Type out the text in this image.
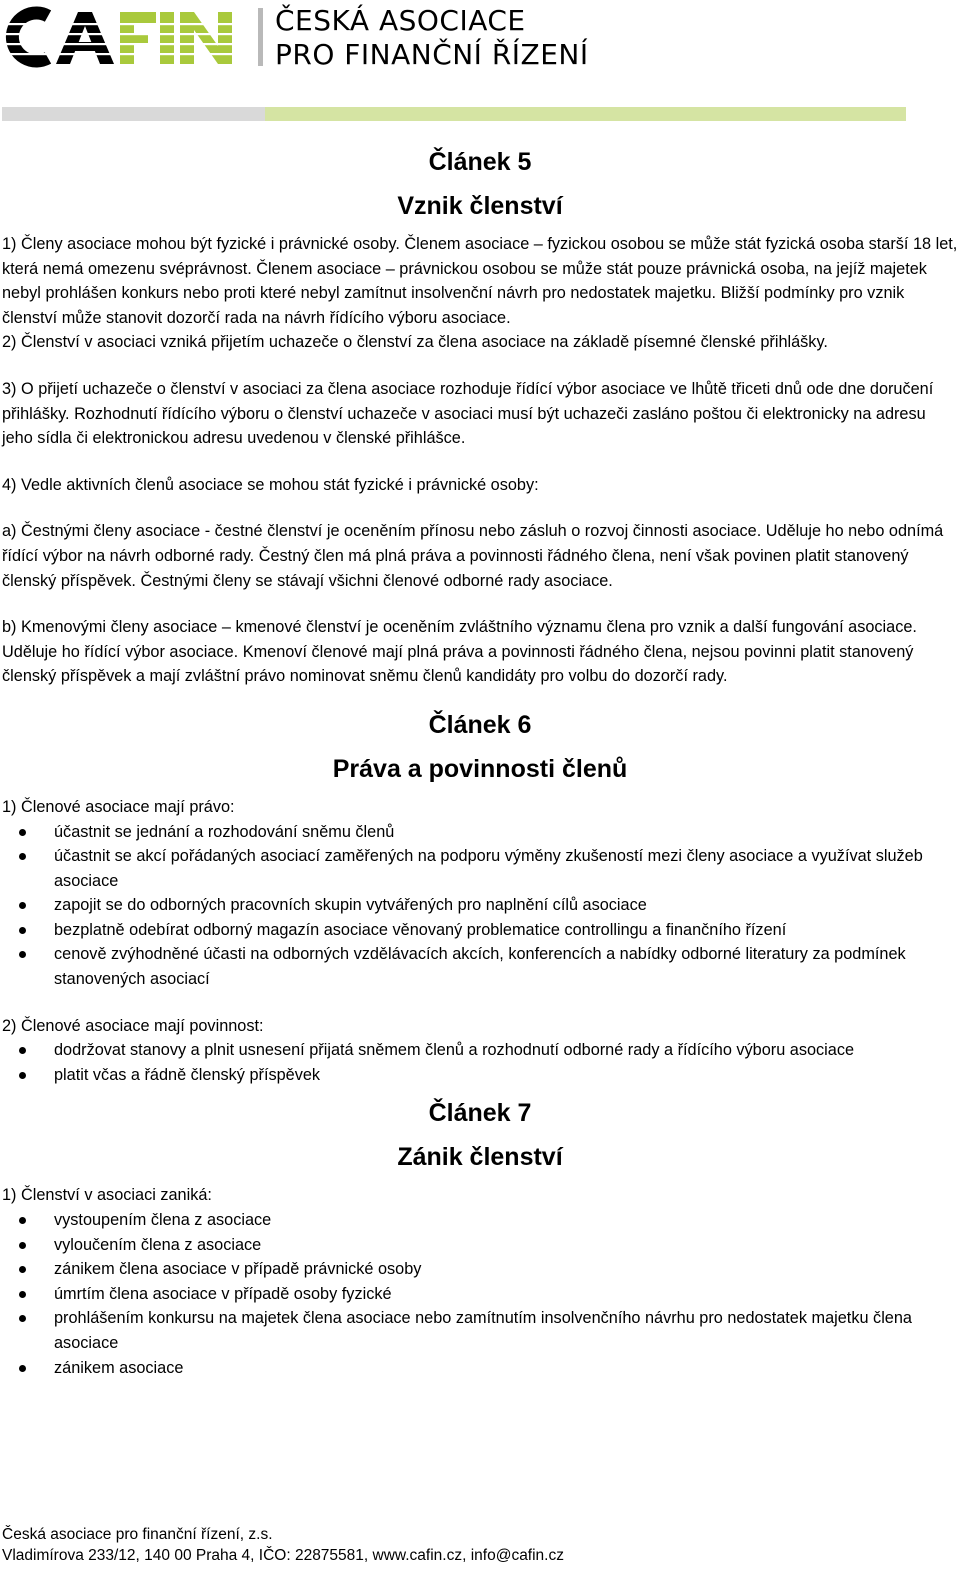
ČESKÁ ASOCIACE
PRO FINANČNÍ ŘÍZENÍ
Článek 5
Vznik členství

1) Členy asociace mohou být fyzické i právnické osoby. Členem asociace – fyzickou osobou se může stát fyzická osoba starší 18 let, která nemá omezenu svéprávnost. Členem asociace – právnickou osobou se může stát pouze právnická osoba, na jejíž majetek nebyl prohlášen konkurs nebo proti které nebyl zamítnut insolvenční návrh pro nedostatek majetku. Bližší podmínky pro vznik členství může stanovit dozorčí rada na návrh řídícího výboru asociace.

2) Členství v asociaci vzniká přijetím uchazeče o členství za člena asociace na základě písemné členské přihlášky.

3) O přijetí uchazeče o členství v asociaci za člena asociace rozhoduje řídící výbor asociace ve lhůtě třiceti dnů ode dne doručení přihlášky. Rozhodnutí řídícího výboru o členství uchazeče v asociaci musí být uchazeči zasláno poštou či elektronicky na adresu jeho sídla či elektronickou adresu uvedenou v členské přihlášce.

4) Vedle aktivních členů asociace se mohou stát fyzické i právnické osoby:

a) Čestnými členy asociace - čestné členství je oceněním přínosu nebo zásluh o rozvoj činnosti asociace. Uděluje ho nebo odnímá řídící výbor na návrh odborné rady. Čestný člen má plná práva a povinnosti řádného člena, není však povinen platit stanovený členský příspěvek. Čestnými členy se stávají všichni členové odborné rady asociace.

b) Kmenovými členy asociace – kmenové členství je oceněním zvláštního významu člena pro vznik a další fungování asociace. Uděluje ho řídící výbor asociace. Kmenoví členové mají plná práva a povinnosti řádného člena, nejsou povinni platit stanovený členský příspěvek a mají zvláštní právo nominovat sněmu členů kandidáty pro volbu do dozorčí rady.

Článek 6
Práva a povinnosti členů

1) Členové asociace mají právo:

účastnit se jednání a rozhodování sněmu členů
účastnit se akcí pořádaných asociací zaměřených na podporu výměny zkušeností mezi členy asociace a využívat služeb asociace
zapojit se do odborných pracovních skupin vytvářených pro naplnění cílů asociace
bezplatně odebírat odborný magazín asociace věnovaný problematice controllingu a finančního řízení
cenově zvýhodněné účasti na odborných vzdělávacích akcích, konferencích a nabídky odborné literatury za podmínek stanovených asociací

2) Členové asociace mají povinnost:

dodržovat stanovy a plnit usnesení přijatá sněmem členů a rozhodnutí odborné rady a řídícího výboru asociace
platit včas a řádně členský příspěvek
Článek 7
Zánik členství

1) Členství v asociaci zaniká:

vystoupením člena z asociace
vyloučením člena z asociace
zánikem člena asociace v případě právnické osoby
úmrtím člena asociace v případě osoby fyzické
prohlášením konkursu na majetek člena asociace nebo zamítnutím insolvenčního návrhu pro nedostatek majetku člena asociace
zánikem asociace
Česká asociace pro finanční řízení, z.s.
Vladimírova 233/12, 140 00 Praha 4, IČO: 22875581, www.cafin.cz, info@cafin.cz
